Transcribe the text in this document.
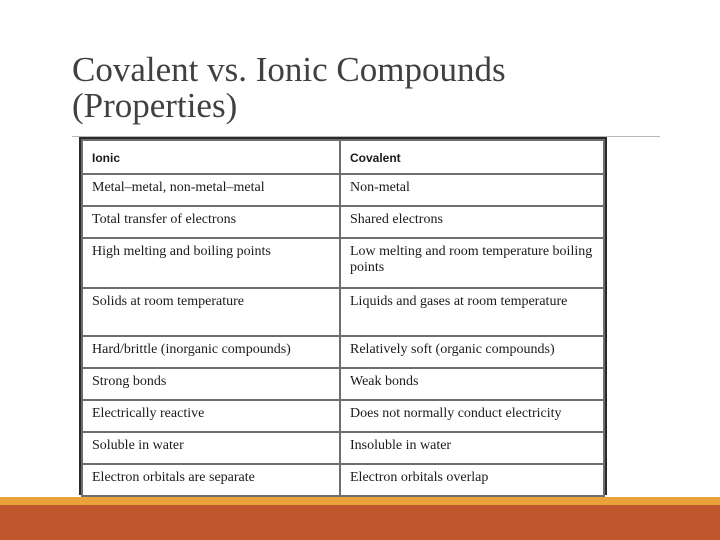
Covalent vs. Ionic Compounds
(Properties)
Ionic	Covalent
Metal–metal, non-metal–metal	Non-metal
Total transfer of electrons	Shared electrons
High melting and boiling points	Low melting and room temperature boiling points
Solids at room temperature	Liquids and gases at room temperature
Hard/brittle (inorganic compounds)	Relatively soft (organic compounds)
Strong bonds	Weak bonds
Electrically reactive	Does not normally conduct electricity
Soluble in water	Insoluble in water
Electron orbitals are separate	Electron orbitals overlap
